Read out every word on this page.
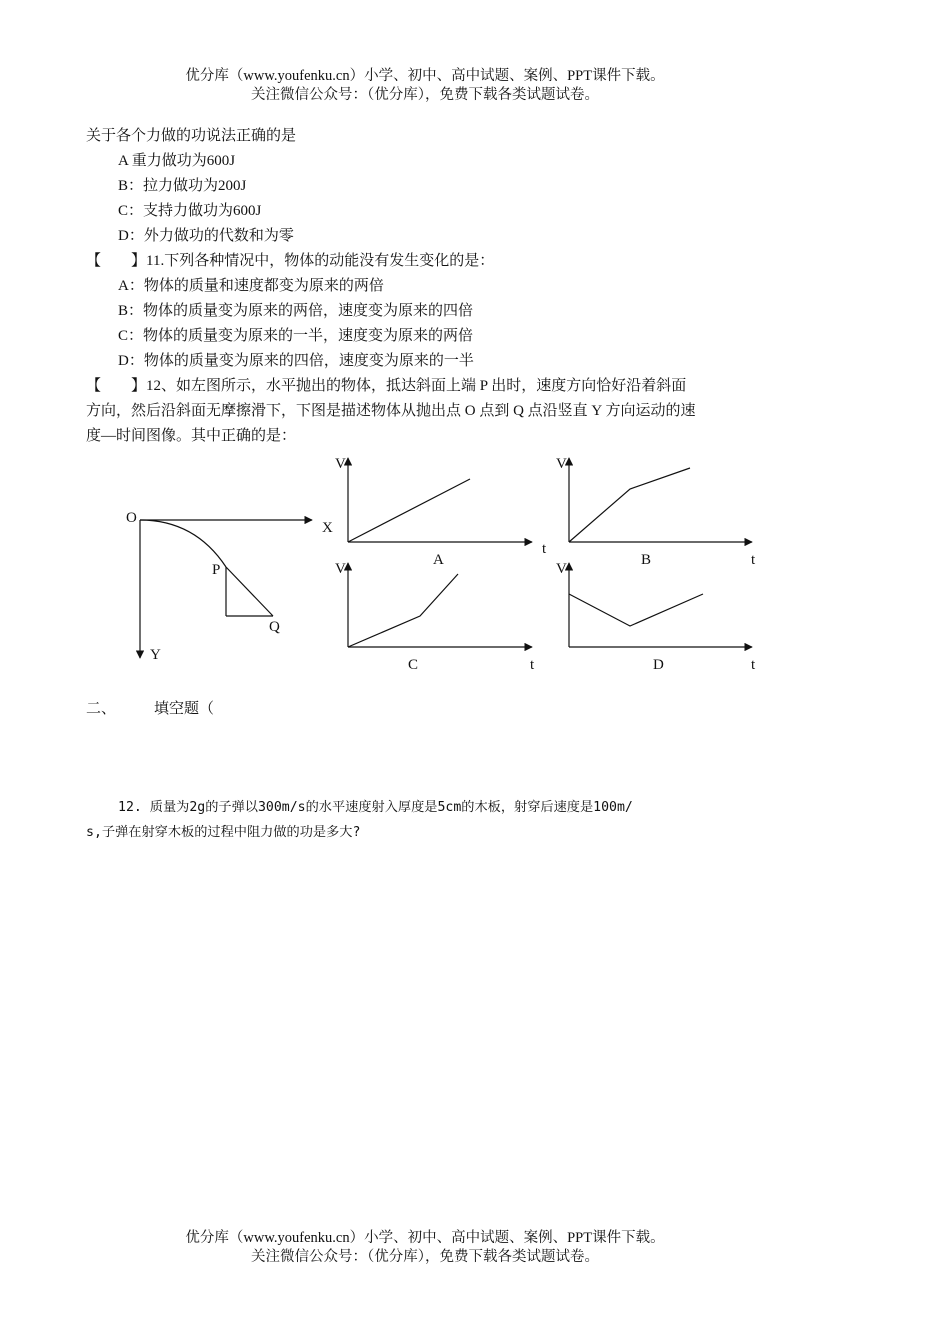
优分库（www.youfenku.cn）小学、初中、高中试题、案例、PPT课件下载。
关注微信公众号：（优分库），免费下载各类试题试卷。
关于各个力做的功说法正确的是
A 重力做功为600J
B：拉力做功为200J
C：支持力做功为600J
D：外力做功的代数和为零
【　　】11.下列各种情况中，物体的动能没有发生变化的是：
A：物体的质量和速度都变为原来的两倍
B：物体的质量变为原来的两倍，速度变为原来的四倍
C：物体的质量变为原来的一半，速度变为原来的两倍
D：物体的质量变为原来的四倍，速度变为原来的一半
【　　】12、如左图所示，水平抛出的物体，抵达斜面上端 P 出时，速度方向恰好沿着斜面
方向，然后沿斜面无摩擦滑下，下图是描述物体从抛出点 O 点到 Q 点沿竖直 Y 方向运动的速
度—时间图像。其中正确的是：
O
X
P
Q
Y
V
t
A
V
t
B
V
t
C
V
t
D
二、	填空题（
12. 质量为2g的子弹以300m/s的水平速度射入厚度是5cm的木板，射穿后速度是100m/
s,子弹在射穿木板的过程中阻力做的功是多大?
优分库（www.youfenku.cn）小学、初中、高中试题、案例、PPT课件下载。
关注微信公众号：（优分库），免费下载各类试题试卷。
